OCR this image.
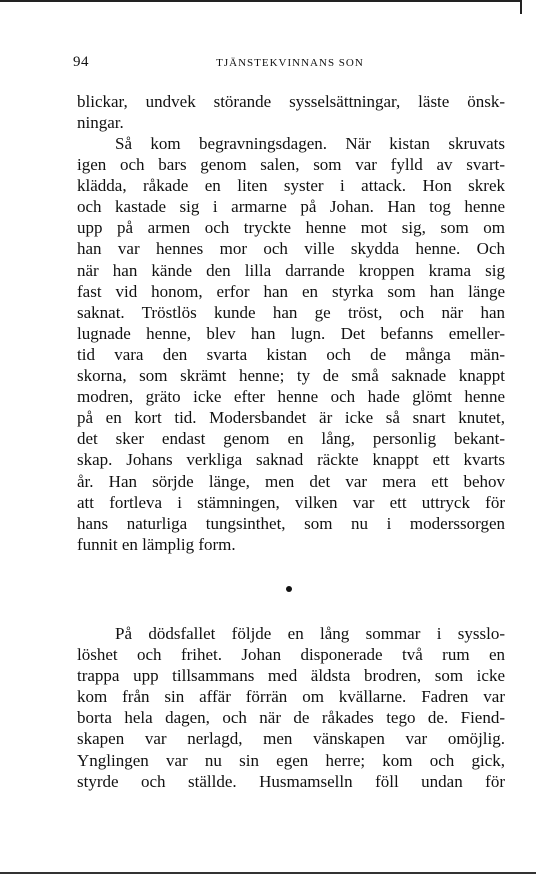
94	TJÄNSTEKVINNANS SON
blickar, undvek störande sysselsättningar, läste önsk-
ningar.
Så kom begravningsdagen. När kistan skruvats
igen och bars genom salen, som var fylld av svart-
klädda, råkade en liten syster i attack. Hon skrek
och kastade sig i armarne på Johan. Han tog henne
upp på armen och tryckte henne mot sig, som om
han var hennes mor och ville skydda henne. Och
när han kände den lilla darrande kroppen krama sig
fast vid honom, erfor han en styrka som han länge
saknat. Tröstlös kunde han ge tröst, och när han
lugnade henne, blev han lugn. Det befanns emeller-
tid vara den svarta kistan och de många män-
skorna, som skrämt henne; ty de små saknade knappt
modren, gräto icke efter henne och hade glömt henne
på en kort tid. Modersbandet är icke så snart knutet,
det sker endast genom en lång, personlig bekant-
skap. Johans verkliga saknad räckte knappt ett kvarts
år. Han sörjde länge, men det var mera ett behov
att fortleva i stämningen, vilken var ett uttryck för
hans naturliga tungsinthet, som nu i moderssorgen
funnit en lämplig form.
På dödsfallet följde en lång sommar i sysslo-
löshet och frihet. Johan disponerade två rum en
trappa upp tillsammans med äldsta brodren, som icke
kom från sin affär förrän om kvällarne. Fadren var
borta hela dagen, och när de råkades tego de. Fiend-
skapen var nerlagd, men vänskapen var omöjlig.
Ynglingen var nu sin egen herre; kom och gick,
styrde och ställde. Husmamselln föll undan för
